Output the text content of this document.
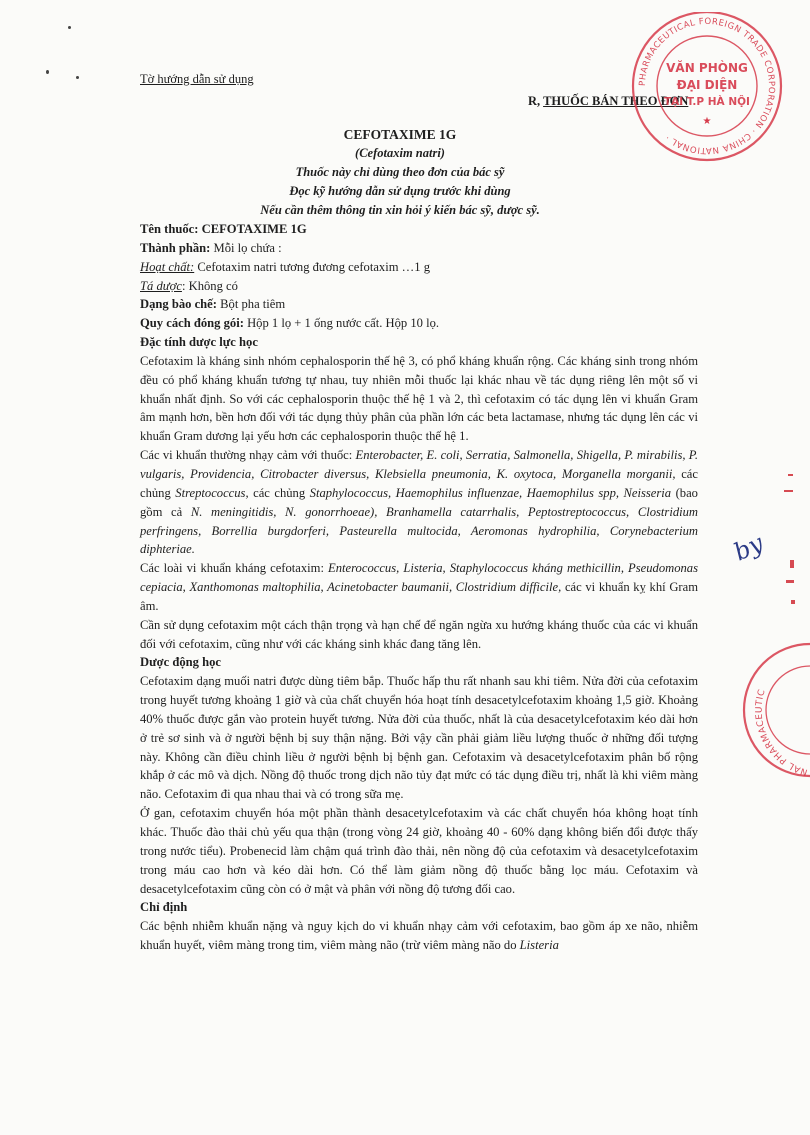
Tờ hướng dẫn sử dụng
R, THUỐC BÁN THEO ĐƠN
CEFOTAXIME 1G
(Cefotaxim natri)
Thuốc này chỉ dùng theo đơn của bác sỹ
Đọc kỹ hướng dẫn sử dụng trước khi dùng
Nếu cần thêm thông tin xin hỏi ý kiến bác sỹ, dược sỹ.

Tên thuốc: CEFOTAXIME 1G

Thành phần: Mỗi lọ chứa :

Hoạt chất: Cefotaxim natri tương đương cefotaxim …1 g

Tá dược: Không có

Dạng bào chế: Bột pha tiêm

Quy cách đóng gói: Hộp 1 lọ + 1 ống nước cất. Hộp 10 lọ.

Đặc tính dược lực học

Cefotaxim là kháng sinh nhóm cephalosporin thế hệ 3, có phổ kháng khuẩn rộng. Các kháng sinh trong nhóm đều có phổ kháng khuẩn tương tự nhau, tuy nhiên mỗi thuốc lại khác nhau về tác dụng riêng lên một số vi khuẩn nhất định. So với các cephalosporin thuộc thế hệ 1 và 2, thì cefotaxim có tác dụng lên vi khuẩn Gram âm mạnh hơn, bền hơn đối với tác dụng thủy phân của phần lớn các beta lactamase, nhưng tác dụng lên các vi khuẩn Gram dương lại yếu hơn các cephalosporin thuộc thế hệ 1.

Các vi khuẩn thường nhạy cảm với thuốc: Enterobacter, E. coli, Serratia, Salmonella, Shigella, P. mirabilis, P. vulgaris, Providencia, Citrobacter diversus, Klebsiella pneumonia, K. oxytoca, Morganella morganii, các chủng Streptococcus, các chủng Staphylococcus, Haemophilus influenzae, Haemophilus spp, Neisseria (bao gồm cả N. meningitidis, N. gonorrhoeae), Branhamella catarrhalis, Peptostreptococcus, Clostridium perfringens, Borrellia burgdorferi, Pasteurella multocida, Aeromonas hydrophilia, Corynebacterium diphteriae.

Các loài vi khuẩn kháng cefotaxim: Enterococcus, Listeria, Staphylococcus kháng methicillin, Pseudomonas cepiacia, Xanthomonas maltophilia, Acinetobacter baumanii, Clostridium difficile, các vi khuẩn kỵ khí Gram âm.

Cần sử dụng cefotaxim một cách thận trọng và hạn chế để ngăn ngừa xu hướng kháng thuốc của các vi khuẩn đối với cefotaxim, cũng như với các kháng sinh khác đang tăng lên.

Dược động học

Cefotaxim dạng muối natri được dùng tiêm bắp. Thuốc hấp thu rất nhanh sau khi tiêm. Nửa đời của cefotaxim trong huyết tương khoảng 1 giờ và của chất chuyển hóa hoạt tính desacetylcefotaxim khoảng 1,5 giờ. Khoảng 40% thuốc được gắn vào protein huyết tương. Nửa đời của thuốc, nhất là của desacetylcefotaxim kéo dài hơn ở trẻ sơ sinh và ở người bệnh bị suy thận nặng. Bởi vậy cần phải giảm liều lượng thuốc ở những đối tượng này. Không cần điều chỉnh liều ở người bệnh bị bệnh gan. Cefotaxim và desacetylcefotaxim phân bố rộng khắp ở các mô và dịch. Nồng độ thuốc trong dịch não tủy đạt mức có tác dụng điều trị, nhất là khi viêm màng não. Cefotaxim đi qua nhau thai và có trong sữa mẹ.

Ở gan, cefotaxim chuyển hóa một phần thành desacetylcefotaxim và các chất chuyển hóa không hoạt tính khác. Thuốc đào thải chủ yếu qua thận (trong vòng 24 giờ, khoảng 40 - 60% dạng không biến đổi được thấy trong nước tiểu). Probenecid làm chậm quá trình đào thải, nên nồng độ của cefotaxim và desacetylcefotaxim trong máu cao hơn và kéo dài hơn. Có thể làm giảm nồng độ thuốc bằng lọc máu. Cefotaxim và desacetylcefotaxim cũng còn có ở mật và phân với nồng độ tương đối cao.

Chỉ định

Các bệnh nhiễm khuẩn nặng và nguy kịch do vi khuẩn nhạy cảm với cefotaxim, bao gồm áp xe não, nhiễm khuẩn huyết, viêm màng trong tim, viêm màng não (trừ viêm màng não do Listeria

PHARMACEUTICAL FOREIGN TRADE CORPORATION · CHINA NATIONAL ·
VĂN PHÒNG
ĐẠI DIỆN
TẠI T.P HÀ NỘI
★
NAL PHARMACEUTIC
by
